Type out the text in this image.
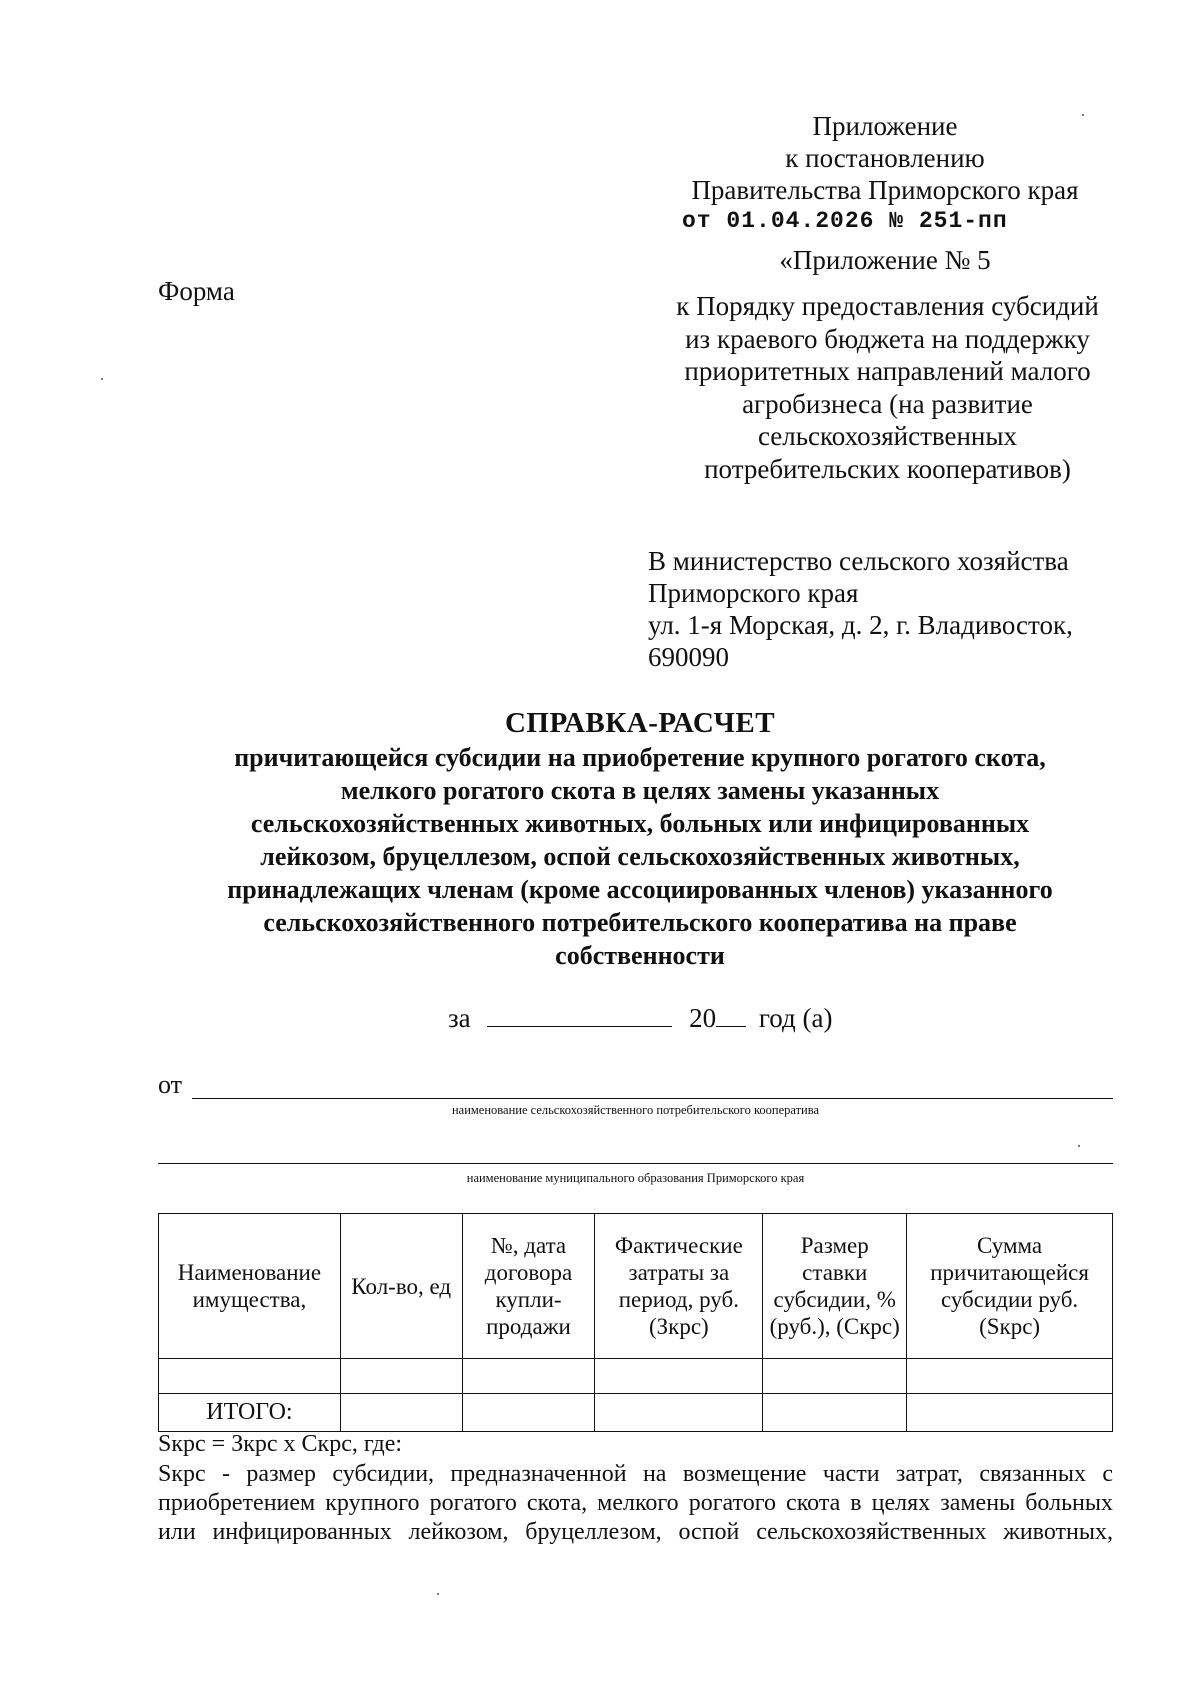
Приложение
к постановлению
Правительства Приморского края
от 01.04.2026 № 251-пп
«Приложение № 5
Форма	к Порядку предоставления субсидий
из краевого бюджета на поддержку
приоритетных направлений малого
агробизнеса (на развитие
сельскохозяйственных
потребительских кооперативов)
В министерство сельского хозяйства
Приморского края
ул. 1-я Морская, д. 2, г. Владивосток,
690090
СПРАВКА-РАСЧЕТ
причитающейся субсидии на приобретение крупного рогатого скота,
мелкого рогатого скота в целях замены указанных
сельскохозяйственных животных, больных или инфицированных
лейкозом, бруцеллезом, оспой сельскохозяйственных животных,
принадлежащих членам (кроме ассоциированных членов) указанного
сельскохозяйственного потребительского кооператива на праве
собственности
за	20 год (а)
от
наименование сельскохозяйственного потребительского кооператива
наименование муниципального образования Приморского края
Наименование имущества,	Кол-во, ед	№, дата договора купли-продажи	Фактические затраты за период, руб. (Зкрс)	Размер ставки субсидии, % (руб.), (Скрс)	Сумма причитающейся субсидии руб. (Sкрс)

ИТОГО:					
Sкрс = Зкрс х Скрс, где:
Sкрс - размер субсидии, предназначенной на возмещение части затрат, связанных с
приобретением крупного рогатого скота, мелкого рогатого скота в целях замены больных
или инфицированных лейкозом, бруцеллезом, оспой сельскохозяйственных животных,
